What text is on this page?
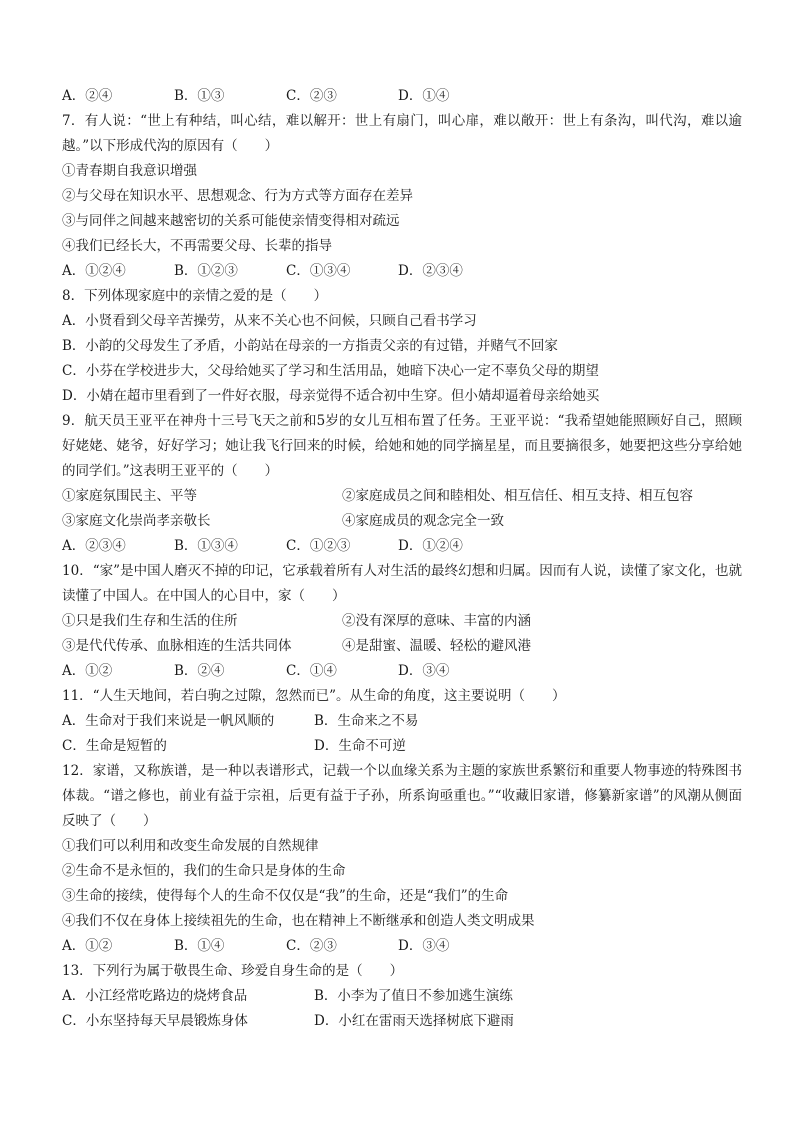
A．②④	B．①③	C．②③	D．①④
7．有人说：“世上有种结，叫心结，难以解开：世上有扇门，叫心扉，难以敞开：世上有条沟，叫代沟，难以逾越。”以下形成代沟的原因有（　　）
①青春期自我意识增强
②与父母在知识水平、思想观念、行为方式等方面存在差异
③与同伴之间越来越密切的关系可能使亲情变得相对疏远
④我们已经长大，不再需要父母、长辈的指导
A．①②④	B．①②③	C．①③④	D．②③④
8．下列体现家庭中的亲情之爱的是（　　）
A．小贤看到父母辛苦操劳，从来不关心也不问候，只顾自己看书学习
B．小韵的父母发生了矛盾，小韵站在母亲的一方指责父亲的有过错，并赌气不回家
C．小芬在学校进步大，父母给她买了学习和生活用品，她暗下决心一定不辜负父母的期望
D．小婧在超市里看到了一件好衣服，母亲觉得不适合初中生穿。但小婧却逼着母亲给她买
9．航天员王亚平在神舟十三号飞天之前和5岁的女儿互相布置了任务。王亚平说：“我希望她能照顾好自己，照顾好姥姥、姥爷，好好学习；她让我飞行回来的时候，给她和她的同学摘星星，而且要摘很多，她要把这些分享给她的同学们。”这表明王亚平的（　　）
①家庭氛围民主、平等	②家庭成员之间和睦相处、相互信任、相互支持、相互包容
③家庭文化崇尚孝亲敬长	④家庭成员的观念完全一致
A．②③④	B．①③④	C．①②③	D．①②④
10．“家”是中国人磨灭不掉的印记，它承载着所有人对生活的最终幻想和归属。因而有人说，读懂了家文化，也就读懂了中国人。在中国人的心目中，家（　　）
①只是我们生存和生活的住所	②没有深厚的意味、丰富的内涵
③是代代传承、血脉相连的生活共同体	④是甜蜜、温暖、轻松的避风港
A．①②	B．②④	C．①④	D．③④
11．“人生天地间，若白驹之过隙，忽然而已”。从生命的角度，这主要说明（　　）
A．生命对于我们来说是一帆风顺的	B．生命来之不易
C．生命是短暂的	D．生命不可逆
12．家谱，又称族谱，是一种以表谱形式，记载一个以血缘关系为主题的家族世系繁衍和重要人物事迹的特殊图书体裁。“谱之修也，前业有益于宗祖，后更有益于子孙，所系询亟重也。”“收藏旧家谱，修纂新家谱”的风潮从侧面反映了（　　）
①我们可以利用和改变生命发展的自然规律
②生命不是永恒的，我们的生命只是身体的生命
③生命的接续，使得每个人的生命不仅仅是“我”的生命，还是“我们”的生命
④我们不仅在身体上接续祖先的生命，也在精神上不断继承和创造人类文明成果
A．①②	B．①④	C．②③	D．③④
13．下列行为属于敬畏生命、珍爱自身生命的是（　　）
A．小江经常吃路边的烧烤食品	B．小李为了值日不参加逃生演练
C．小东坚持每天早晨锻炼身体	D．小红在雷雨天选择树底下避雨
